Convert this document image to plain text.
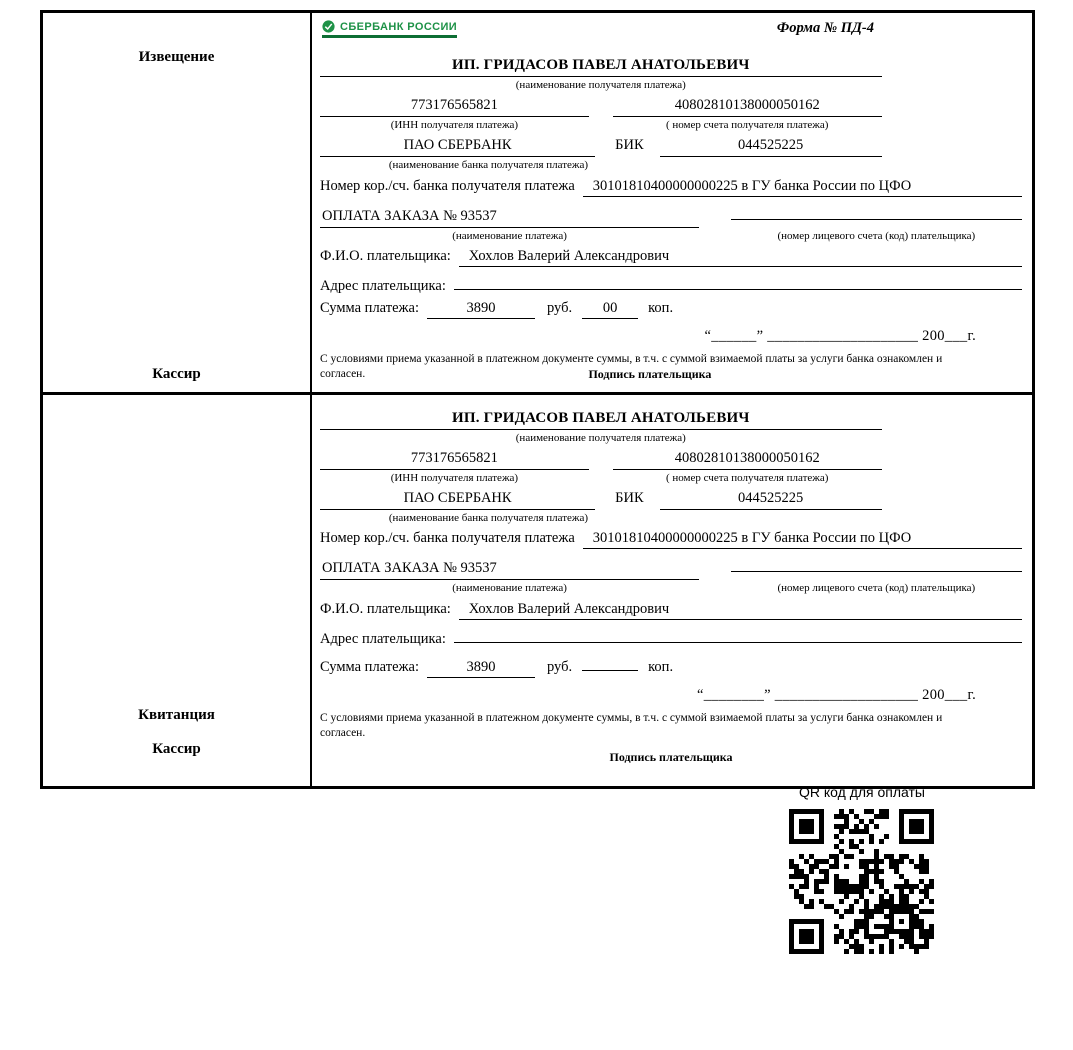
Извещение
Кассир
СБЕРБАНК РОССИИ	Форма № ПД-4
ИП. ГРИДАСОВ ПАВЕЛ АНАТОЛЬЕВИЧ
(наименование получателя платежа)
773176565821	40802810138000050162
(ИНН получателя платежа)	( номер счета получателя платежа)
ПАО СБЕРБАНК	БИК	044525225
(наименование банка получателя платежа)
Номер кор./сч. банка получателя платежа	30101810400000000225 в ГУ банка России по ЦФО
ОПЛАТА ЗАКАЗА № 93537
(наименование платежа)	(номер лицевого счета (код) плательщика)
Ф.И.О. плательщика:	Хохлов Валерий Александрович
Адрес плательщика:
Сумма платежа:	3890	руб.	00	коп.
“______” ____________________ 200___г.
С условиями приема указанной в платежном документе суммы, в т.ч. с суммой взимаемой платы за услуги банка ознакомлен и согласен.	Подпись плательщика
Квитанция
Кассир
ИП. ГРИДАСОВ ПАВЕЛ АНАТОЛЬЕВИЧ
(наименование получателя платежа)
773176565821	40802810138000050162
(ИНН получателя платежа)	( номер счета получателя платежа)
ПАО СБЕРБАНК	БИК	044525225
(наименование банка получателя платежа)
Номер кор./сч. банка получателя платежа	30101810400000000225 в ГУ банка России по ЦФО
ОПЛАТА ЗАКАЗА № 93537
(наименование платежа)	(номер лицевого счета (код) плательщика)
Ф.И.О. плательщика:	Хохлов Валерий Александрович
Адрес плательщика:
Сумма платежа:	3890	руб.	коп.
“________” ___________________ 200___г.
С условиями приема указанной в платежном документе суммы, в т.ч. с суммой взимаемой платы за услуги банка ознакомлен и согласен.
Подпись плательщика
QR код для оплаты
